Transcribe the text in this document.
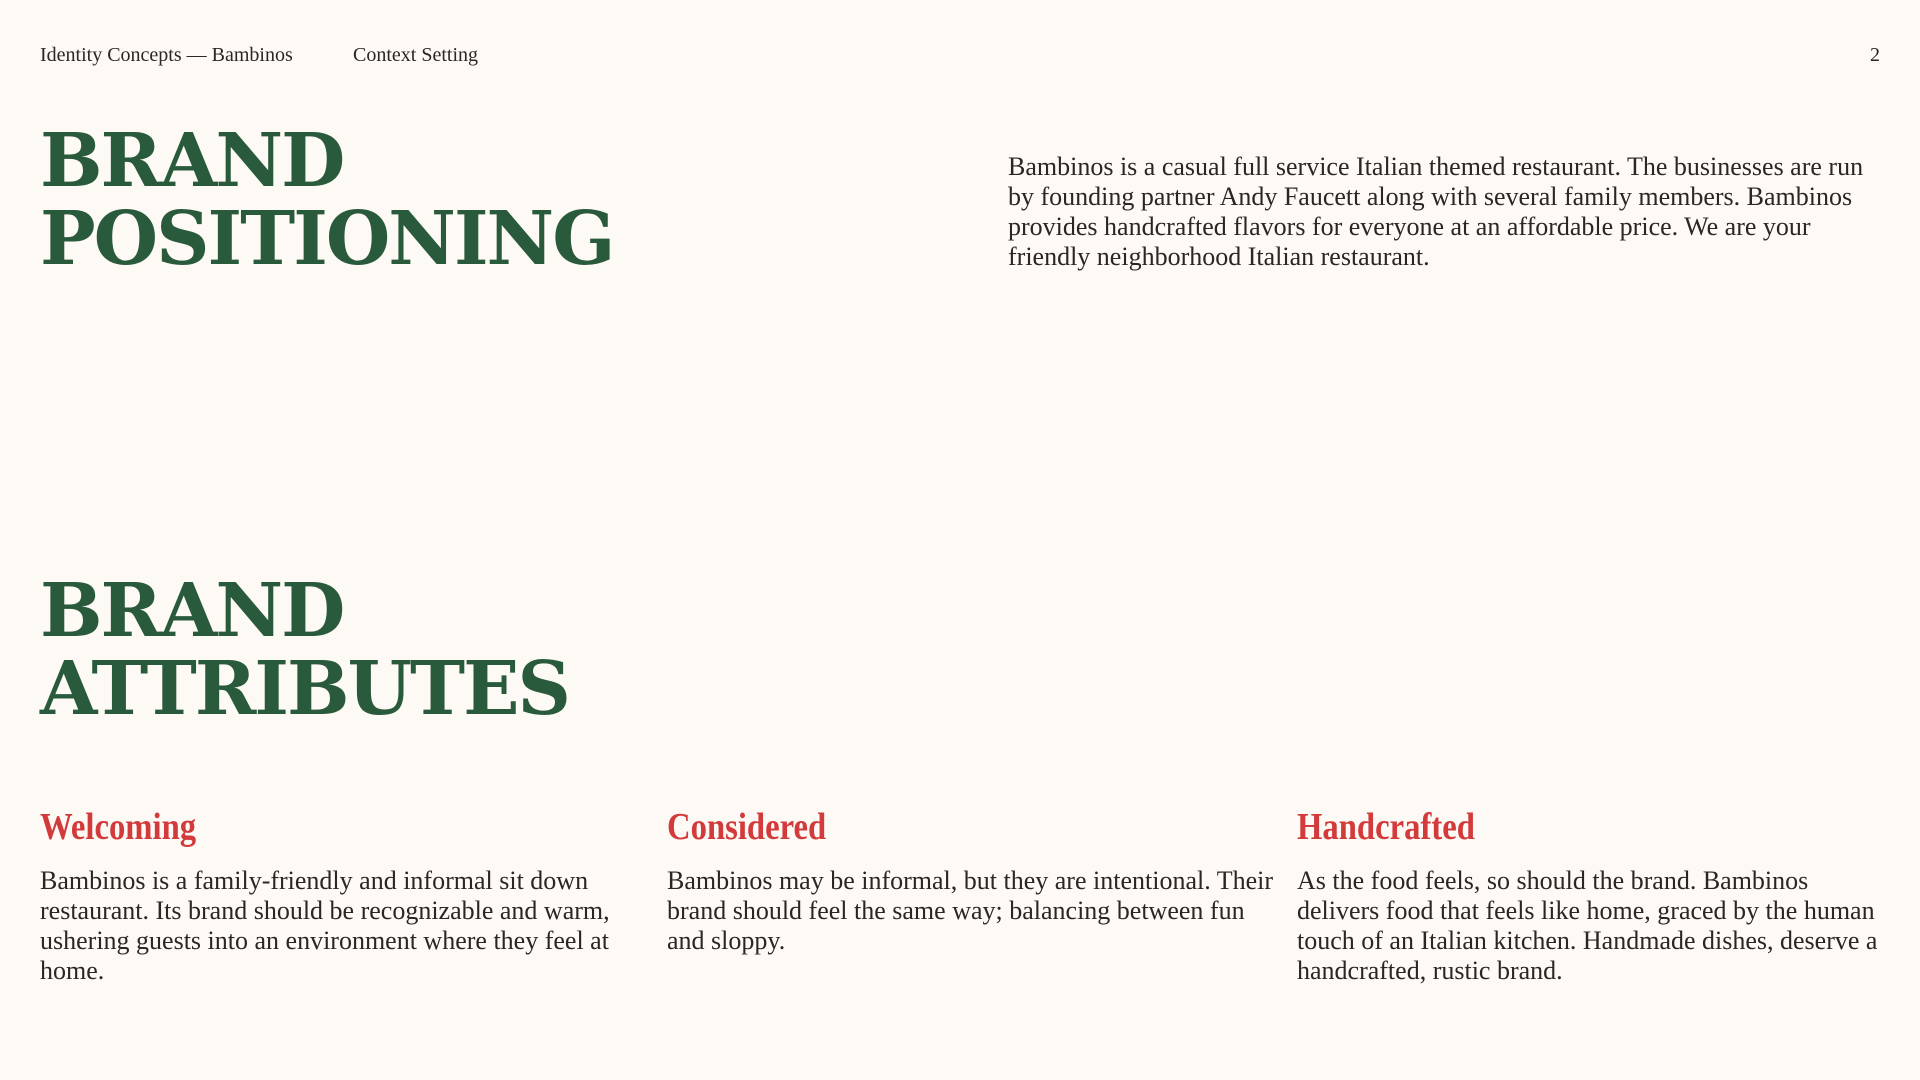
Identity Concepts — Bambinos	Context Setting	2
BRAND
POSITIONING

Bambinos is a casual full service Italian themed restaurant. The businesses are run by founding partner Andy Faucett along with several family members. Bambinos provides handcrafted flavors for everyone at an affordable price. We are your friendly neighborhood Italian restaurant.

BRAND
ATTRIBUTES
Welcoming

Bambinos is a family-friendly and informal sit down restaurant. Its brand should be recognizable and warm, ushering guests into an environment where they feel at home.

Considered

Bambinos may be informal, but they are intentional. Their brand should feel the same way; balancing between fun and sloppy.

Handcrafted

As the food feels, so should the brand. Bambinos delivers food that feels like home, graced by the human touch of an Italian kitchen. Handmade dishes, deserve a handcrafted, rustic brand.
